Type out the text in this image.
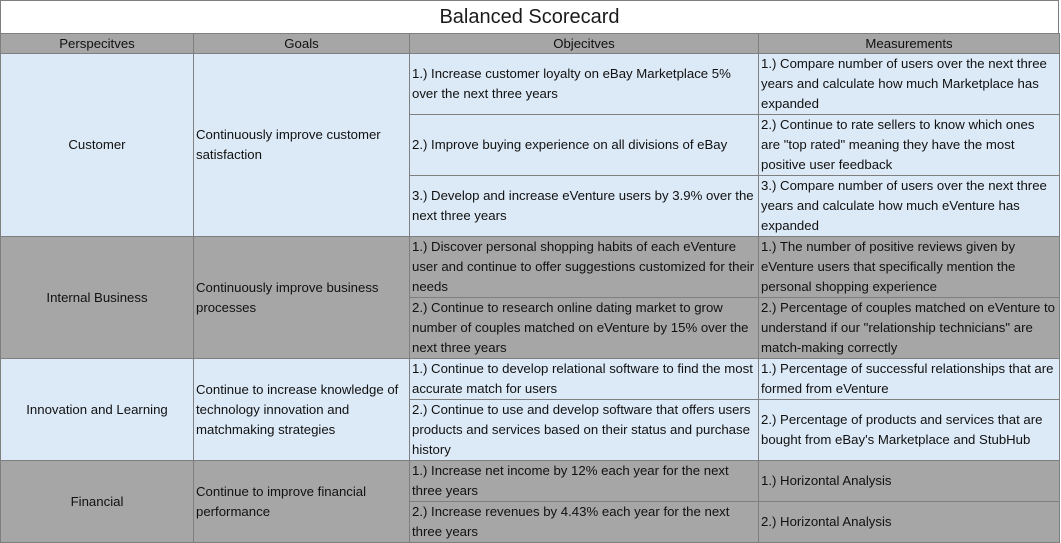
Balanced Scorecard
Perspecitves	Goals	Objecitves	Measurements
Customer	Continuously improve customer satisfaction	1.) Increase customer loyalty on eBay Marketplace 5% over the next three years	1.) Compare number of users over the next three years and calculate how much Marketplace has expanded
		2.) Improve buying experience on all divisions of eBay	2.) Continue to rate sellers to know which ones are "top rated" meaning they have the most positive user feedback
		3.) Develop and increase eVenture users by 3.9% over the next three years	3.) Compare number of users over the next three years and calculate how much eVenture has expanded
Internal Business	Continuously improve business processes	1.) Discover personal shopping habits of each eVenture user and continue to offer suggestions customized for their needs	1.) The number of positive reviews given by eVenture users that specifically mention the personal shopping experience
		2.) Continue to research online dating market to grow number of couples matched on eVenture by 15% over the next three years	2.) Percentage of couples matched on eVenture to understand if our "relationship technicians" are match-making correctly
Innovation and Learning	Continue to increase knowledge of technology innovation and matchmaking strategies	1.) Continue to develop relational software to find the most accurate match for users	1.) Percentage of successful relationships that are formed from eVenture
		2.) Continue to use and develop software that offers users products and services based on their status and purchase history	2.) Percentage of products and services that are bought from eBay's Marketplace and StubHub
Financial	Continue to improve financial performance	1.) Increase net income by 12% each year for the next three years	1.) Horizontal Analysis
		2.) Increase revenues by 4.43% each year for the next three years	2.) Horizontal Analysis
